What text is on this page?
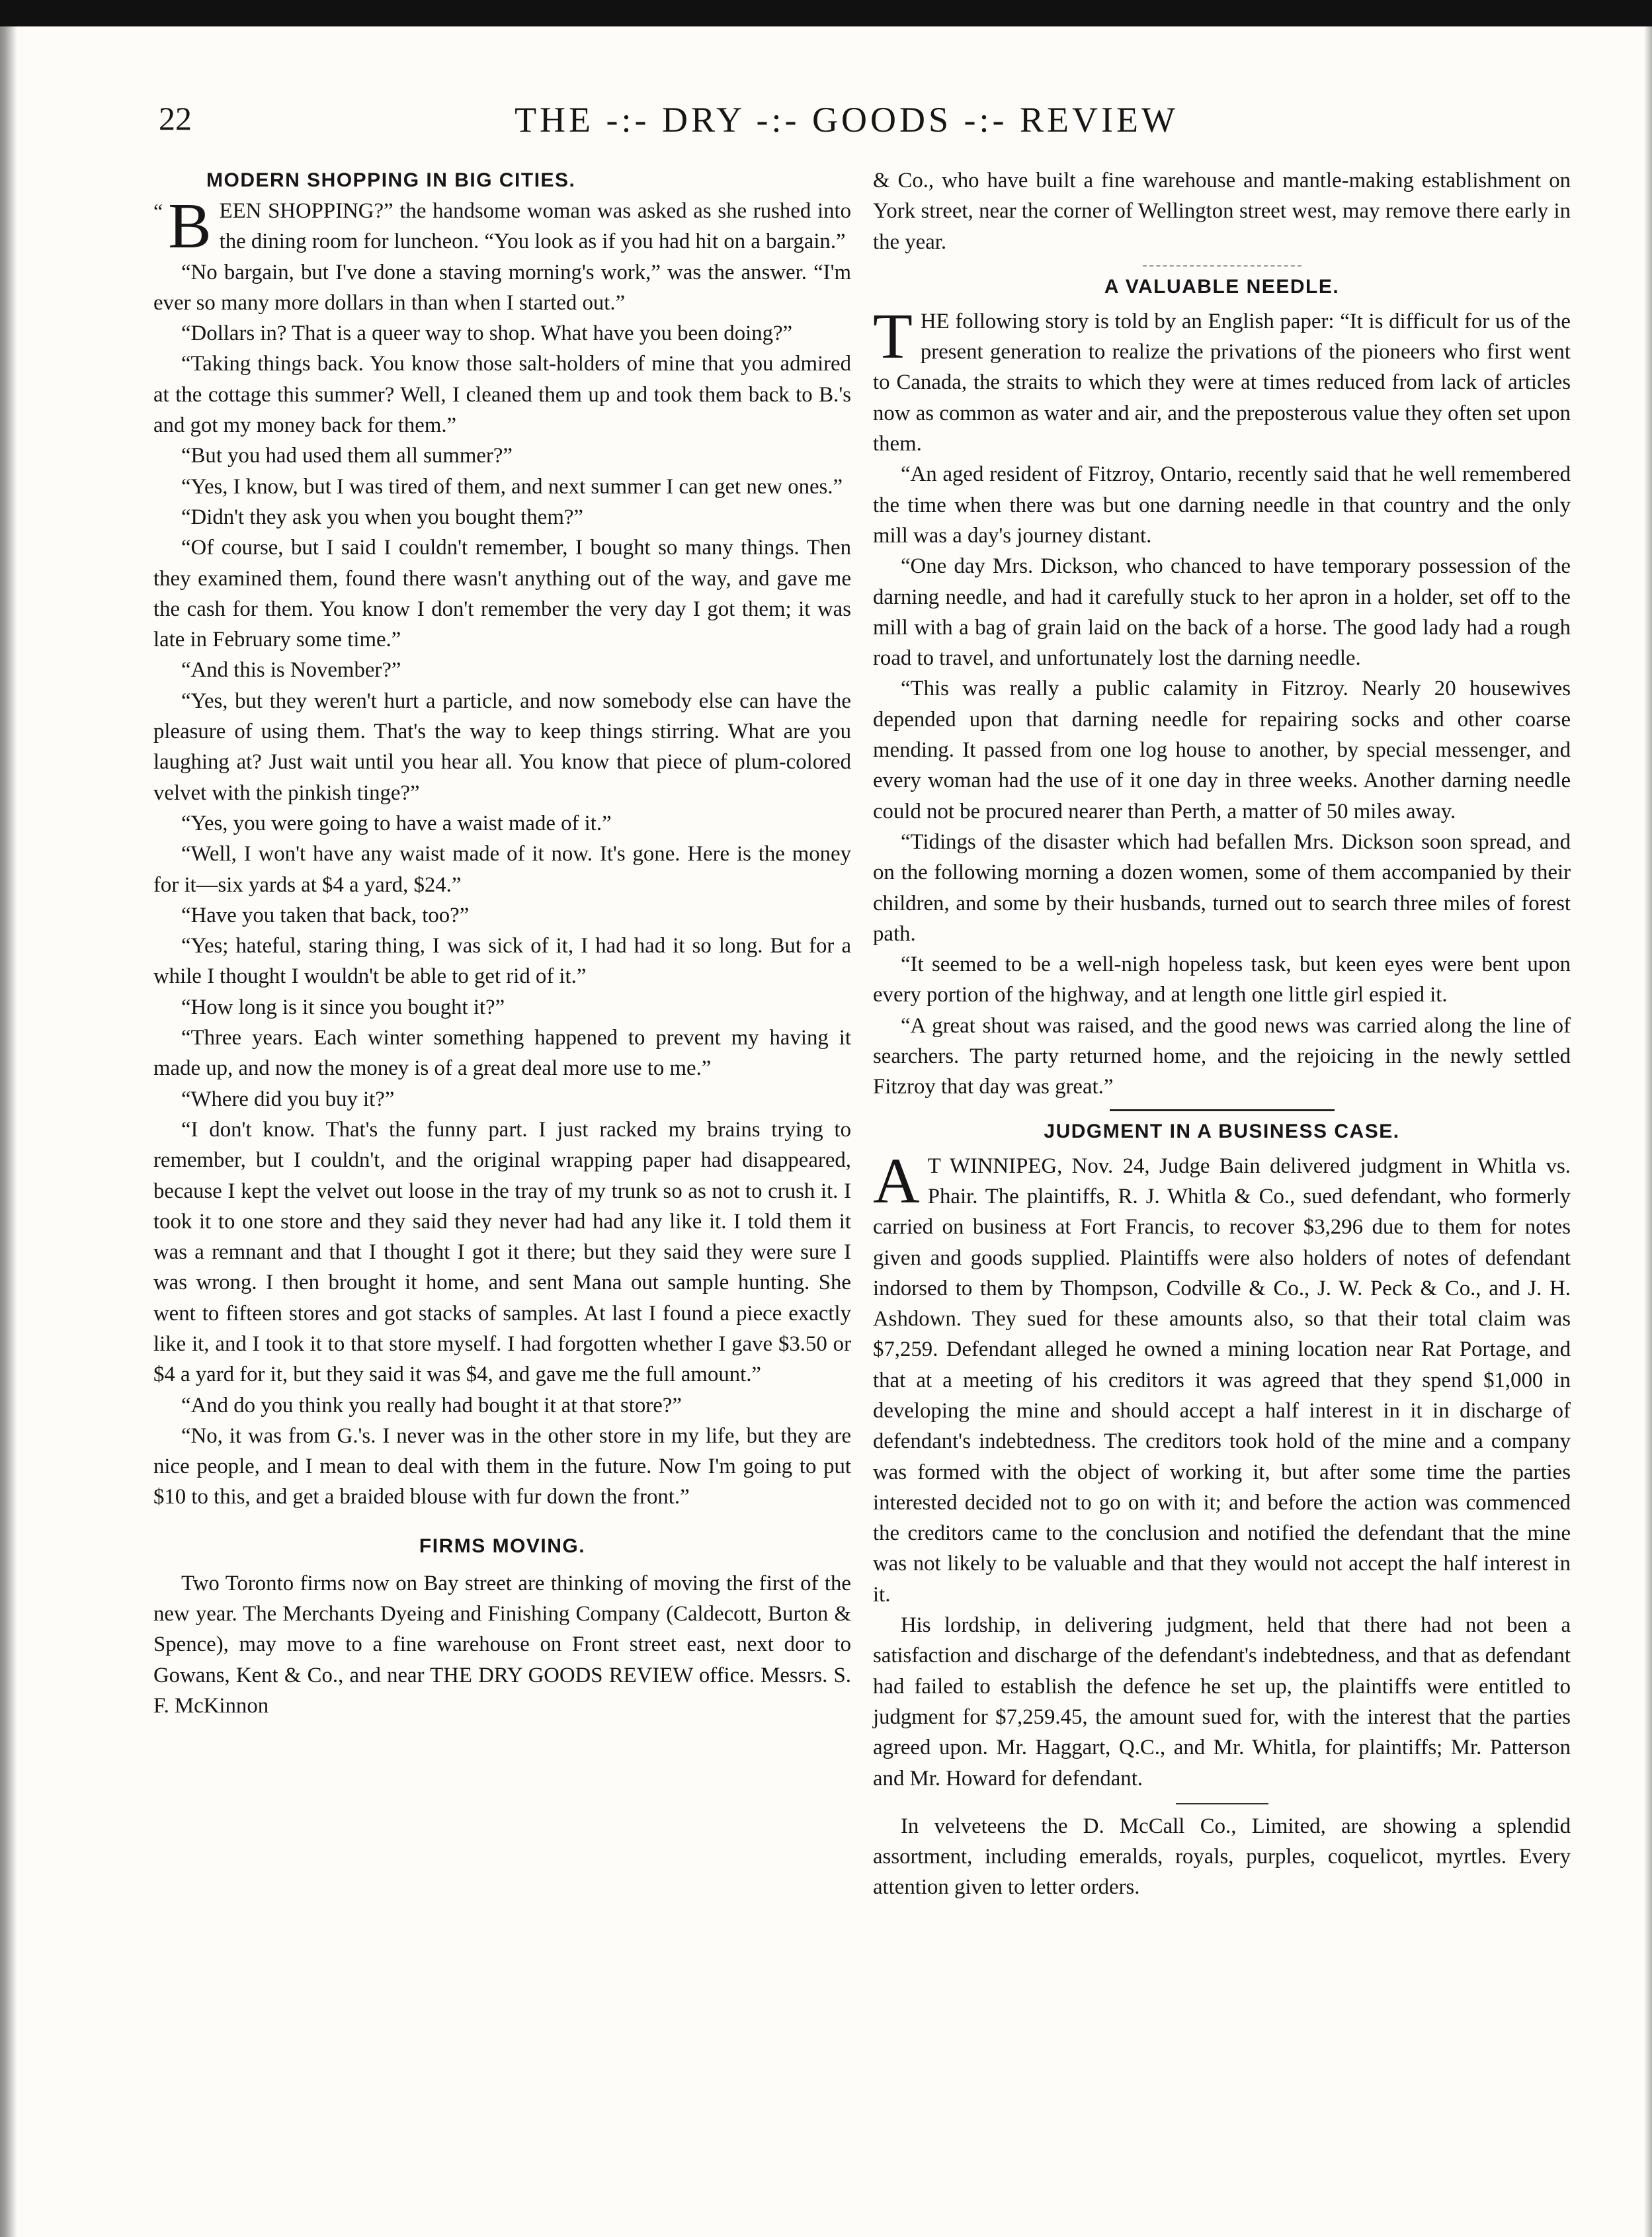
22	THE -:- DRY -:- GOODS -:- REVIEW
MODERN SHOPPING IN BIG CITIES.

“ B EEN SHOPPING?” the handsome woman was asked as she rushed into the dining room for luncheon. “You look as if you had hit on a bargain.”

“No bargain, but I've done a staving morning's work,” was the answer. “I'm ever so many more dollars in than when I started out.”

“Dollars in? That is a queer way to shop. What have you been doing?”

“Taking things back. You know those salt-holders of mine that you admired at the cottage this summer? Well, I cleaned them up and took them back to B.'s and got my money back for them.”

“But you had used them all summer?”

“Yes, I know, but I was tired of them, and next summer I can get new ones.”

“Didn't they ask you when you bought them?”

“Of course, but I said I couldn't remember, I bought so many things. Then they examined them, found there wasn't anything out of the way, and gave me the cash for them. You know I don't remember the very day I got them; it was late in February some time.”

“And this is November?”

“Yes, but they weren't hurt a particle, and now somebody else can have the pleasure of using them. That's the way to keep things stirring. What are you laughing at? Just wait until you hear all. You know that piece of plum-colored velvet with the pinkish tinge?”

“Yes, you were going to have a waist made of it.”

“Well, I won't have any waist made of it now. It's gone. Here is the money for it—six yards at $4 a yard, $24.”

“Have you taken that back, too?”

“Yes; hateful, staring thing, I was sick of it, I had had it so long. But for a while I thought I wouldn't be able to get rid of it.”

“How long is it since you bought it?”

“Three years. Each winter something happened to prevent my having it made up, and now the money is of a great deal more use to me.”

“Where did you buy it?”

“I don't know. That's the funny part. I just racked my brains trying to remember, but I couldn't, and the original wrapping paper had disappeared, because I kept the velvet out loose in the tray of my trunk so as not to crush it. I took it to one store and they said they never had had any like it. I told them it was a remnant and that I thought I got it there; but they said they were sure I was wrong. I then brought it home, and sent Mana out sample hunting. She went to fifteen stores and got stacks of samples. At last I found a piece exactly like it, and I took it to that store myself. I had forgotten whether I gave $3.50 or $4 a yard for it, but they said it was $4, and gave me the full amount.”

“And do you think you really had bought it at that store?”

“No, it was from G.'s. I never was in the other store in my life, but they are nice people, and I mean to deal with them in the future. Now I'm going to put $10 to this, and get a braided blouse with fur down the front.”

FIRMS MOVING.

Two Toronto firms now on Bay street are thinking of moving the first of the new year. The Merchants Dyeing and Finishing Company (Caldecott, Burton & Spence), may move to a fine warehouse on Front street east, next door to Gowans, Kent & Co., and near THE DRY GOODS REVIEW office. Messrs. S. F. McKinnon

& Co., who have built a fine warehouse and mantle-making establishment on York street, near the corner of Wellington street west, may remove there early in the year.

A VALUABLE NEEDLE.

THE following story is told by an English paper: “It is difficult for us of the present generation to realize the privations of the pioneers who first went to Canada, the straits to which they were at times reduced from lack of articles now as common as water and air, and the preposterous value they often set upon them.

“An aged resident of Fitzroy, Ontario, recently said that he well remembered the time when there was but one darning needle in that country and the only mill was a day's journey distant.

“One day Mrs. Dickson, who chanced to have temporary possession of the darning needle, and had it carefully stuck to her apron in a holder, set off to the mill with a bag of grain laid on the back of a horse. The good lady had a rough road to travel, and unfortunately lost the darning needle.

“This was really a public calamity in Fitzroy. Nearly 20 housewives depended upon that darning needle for repairing socks and other coarse mending. It passed from one log house to another, by special messenger, and every woman had the use of it one day in three weeks. Another darning needle could not be procured nearer than Perth, a matter of 50 miles away.

“Tidings of the disaster which had befallen Mrs. Dickson soon spread, and on the following morning a dozen women, some of them accompanied by their children, and some by their husbands, turned out to search three miles of forest path.

“It seemed to be a well-nigh hopeless task, but keen eyes were bent upon every portion of the highway, and at length one little girl espied it.

“A great shout was raised, and the good news was carried along the line of searchers. The party returned home, and the rejoicing in the newly settled Fitzroy that day was great.”

JUDGMENT IN A BUSINESS CASE.

A T WINNIPEG, Nov. 24, Judge Bain delivered judgment in Whitla vs. Phair. The plaintiffs, R. J. Whitla & Co., sued defendant, who formerly carried on business at Fort Francis, to recover $3,296 due to them for notes given and goods supplied. Plaintiffs were also holders of notes of defendant indorsed to them by Thompson, Codville & Co., J. W. Peck & Co., and J. H. Ashdown. They sued for these amounts also, so that their total claim was $7,259. Defendant alleged he owned a mining location near Rat Portage, and that at a meeting of his creditors it was agreed that they spend $1,000 in developing the mine and should accept a half interest in it in discharge of defendant's indebtedness. The creditors took hold of the mine and a company was formed with the object of working it, but after some time the parties interested decided not to go on with it; and before the action was commenced the creditors came to the conclusion and notified the defendant that the mine was not likely to be valuable and that they would not accept the half interest in it.

His lordship, in delivering judgment, held that there had not been a satisfaction and discharge of the defendant's indebtedness, and that as defendant had failed to establish the defence he set up, the plaintiffs were entitled to judgment for $7,259.45, the amount sued for, with the interest that the parties agreed upon. Mr. Haggart, Q.C., and Mr. Whitla, for plaintiffs; Mr. Patterson and Mr. Howard for defendant.

In velveteens the D. McCall Co., Limited, are showing a splendid assortment, including emeralds, royals, purples, coquelicot, myrtles. Every attention given to letter orders.
